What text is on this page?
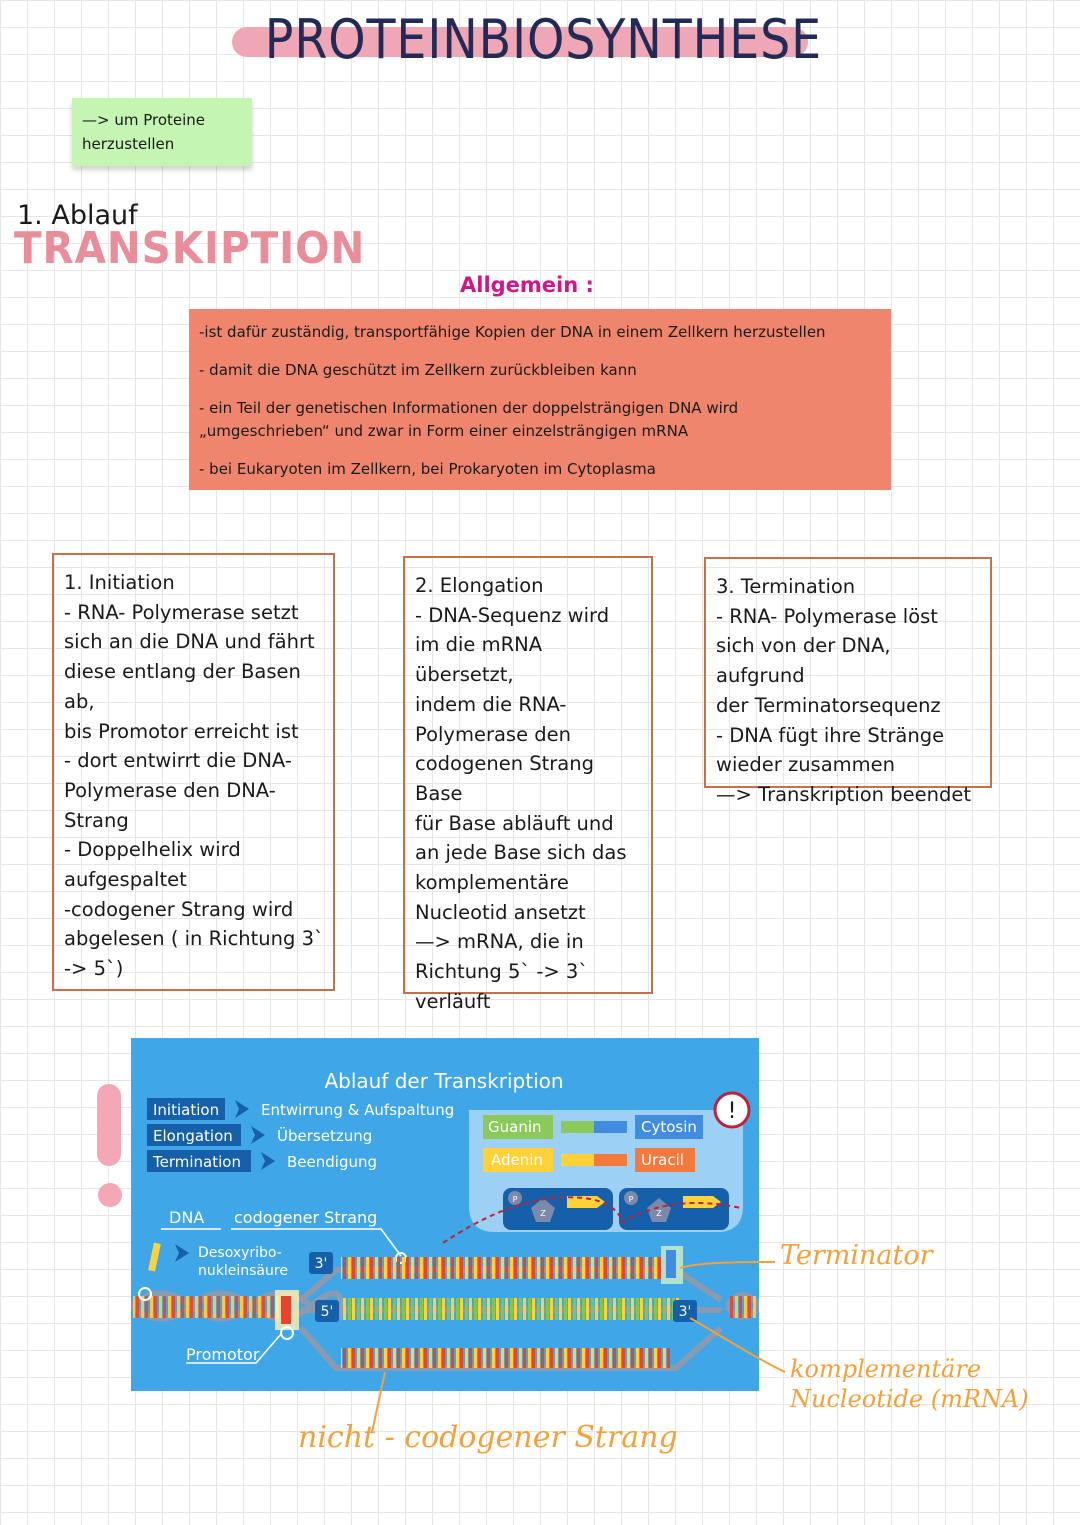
PROTEINBIOSYNTHESE
—> um Proteine
herzustellen
1. Ablauf
TRANSKIPTION
Allgemein :

-ist dafür zuständig, transportfähige Kopien der DNA in einem Zellkern herzustellen

- damit die DNA geschützt im Zellkern zurückbleiben kann

- ein Teil der genetischen Informationen der doppelsträngigen DNA wird „umgeschrieben“ und zwar in Form einer einzelsträngigen mRNA

- bei Eukaryoten im Zellkern, bei Prokaryoten im Cytoplasma

1. Initiation
- RNA- Polymerase setzt
sich an die DNA und fährt
diese entlang der Basen ab,
bis Promotor erreicht ist
- dort entwirrt die DNA-
Polymerase den DNA-
Strang
- Doppelhelix wird
aufgespaltet
-codogener Strang wird
abgelesen ( in Richtung 3`
-> 5`)

2. Elongation
- DNA-Sequenz wird
im die mRNA übersetzt,
indem die RNA-
Polymerase den
codogenen Strang Base
für Base abläuft und
an jede Base sich das
komplementäre
Nucleotid ansetzt
—> mRNA, die in
Richtung 5` -> 3`
verläuft

3. Termination
- RNA- Polymerase löst
sich von der DNA, aufgrund
der Terminatorsequenz
- DNA fügt ihre Stränge
wieder zusammen
—> Transkription beendet

Ablauf der Transkription
Initiation	Entwirrung & Aufspaltung
Elongation	Übersetzung
Termination	Beendigung
Guanin	Cytosin
Adenin	Uracil
P
Z
P
Z
!
DNA codogener Strang
Desoxyribo-
nukleinsäure 3'
5'	3'
Promotor
Terminator
komplementäre
Nucleotide (mRNA)
nicht - codogener Strang
